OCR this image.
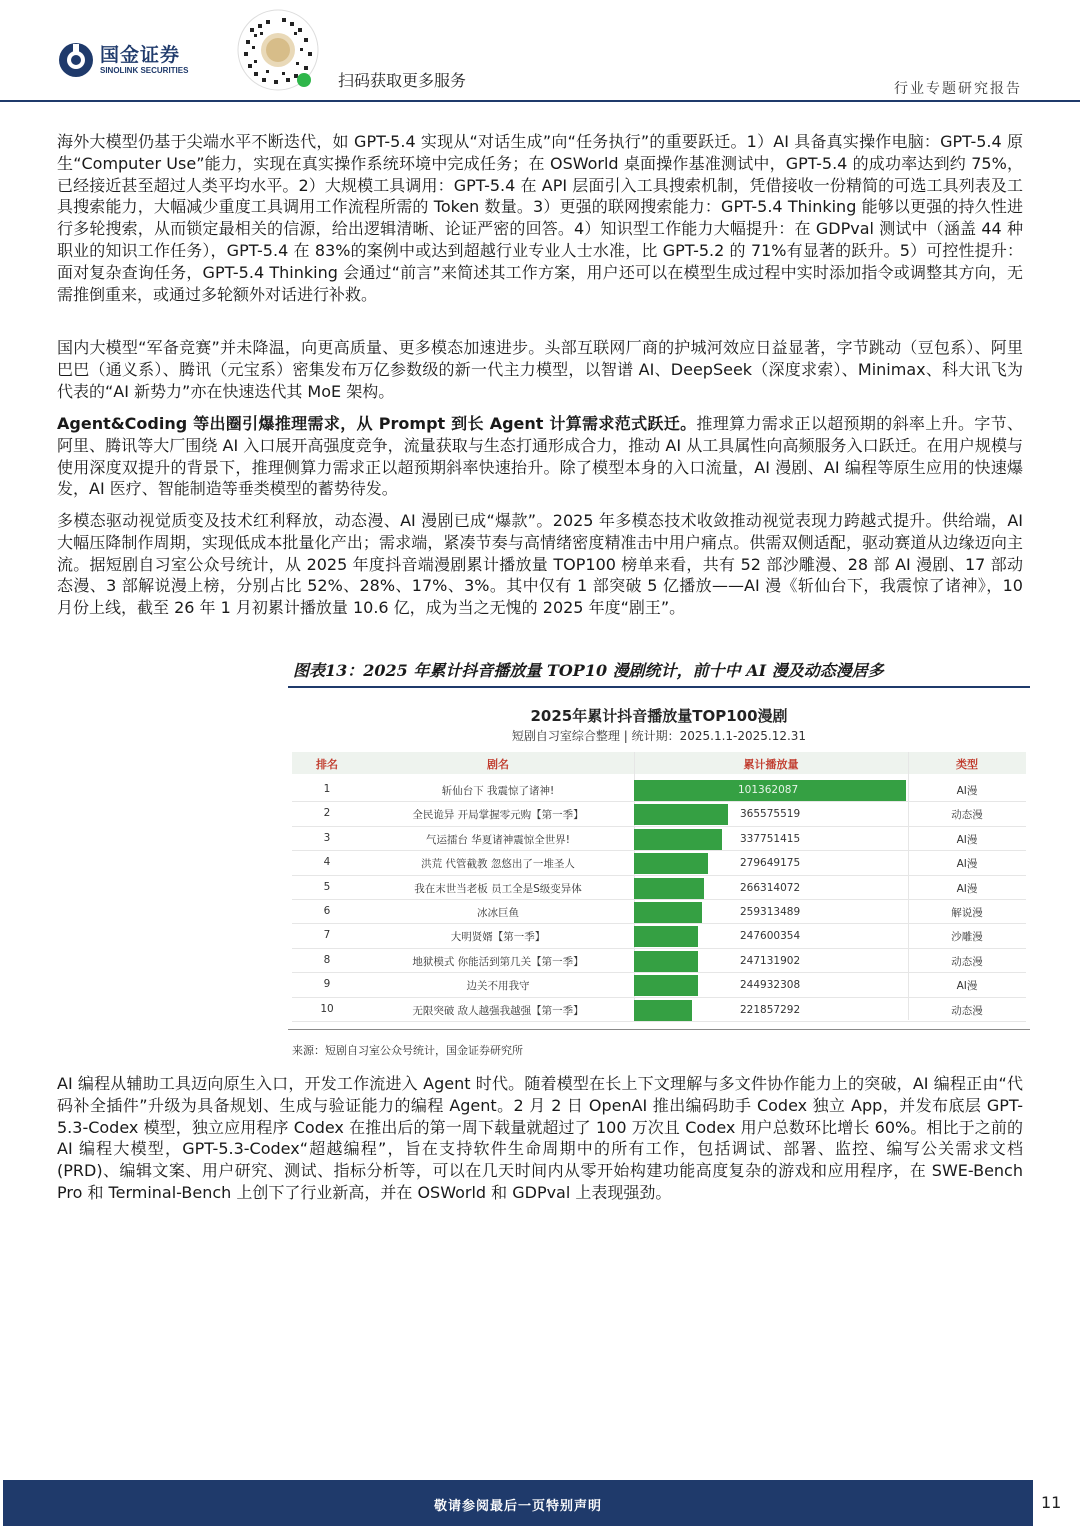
国金证券
SINOLINK SECURITIES
扫码获取更多服务	行业专题研究报告

海外大模型仍基于尖端水平不断迭代，如 GPT-5.4 实现从“对话生成”向“任务执行”的重要跃迁。1）AI 具备真实操作电脑：GPT-5.4 原生“Computer Use”能力，实现在真实操作系统环境中完成任务；在 OSWorld 桌面操作基准测试中，GPT-5.4 的成功率达到约 75%，已经接近甚至超过人类平均水平。2）大规模工具调用：GPT-5.4 在 API 层面引入工具搜索机制，凭借接收一份精简的可选工具列表及工具搜索能力，大幅减少重度工具调用工作流程所需的 Token 数量。3）更强的联网搜索能力：GPT-5.4 Thinking 能够以更强的持久性进行多轮搜索，从而锁定最相关的信源，给出逻辑清晰、论证严密的回答。4）知识型工作能力大幅提升：在 GDPval 测试中（涵盖 44 种职业的知识工作任务），GPT-5.4 在 83%的案例中或达到超越行业专业人士水准，比 GPT-5.2 的 71%有显著的跃升。5）可控性提升：面对复杂查询任务，GPT-5.4 Thinking 会通过“前言”来简述其工作方案，用户还可以在模型生成过程中实时添加指令或调整其方向，无需推倒重来，或通过多轮额外对话进行补救。

国内大模型“军备竞赛”并未降温，向更高质量、更多模态加速进步。头部互联网厂商的护城河效应日益显著，字节跳动（豆包系）、阿里巴巴（通义系）、腾讯（元宝系）密集发布万亿参数级的新一代主力模型，以智谱 AI、DeepSeek（深度求索）、Minimax、科大讯飞为代表的“AI 新势力”亦在快速迭代其 MoE 架构。

Agent&Coding 等出圈引爆推理需求，从 Prompt 到长 Agent 计算需求范式跃迁。推理算力需求正以超预期的斜率上升。字节、阿里、腾讯等大厂围绕 AI 入口展开高强度竞争，流量获取与生态打通形成合力，推动 AI 从工具属性向高频服务入口跃迁。在用户规模与使用深度双提升的背景下，推理侧算力需求正以超预期斜率快速抬升。除了模型本身的入口流量，AI 漫剧、AI 编程等原生应用的快速爆发，AI 医疗、智能制造等垂类模型的蓄势待发。

多模态驱动视觉质变及技术红利释放，动态漫、AI 漫剧已成“爆款”。2025 年多模态技术收敛推动视觉表现力跨越式提升。供给端，AI 大幅压降制作周期，实现低成本批量化产出；需求端，紧凑节奏与高情绪密度精准击中用户痛点。供需双侧适配，驱动赛道从边缘迈向主流。据短剧自习室公众号统计，从 2025 年度抖音端漫剧累计播放量 TOP100 榜单来看，共有 52 部沙雕漫、28 部 AI 漫剧、17 部动态漫、3 部解说漫上榜，分别占比 52%、28%、17%、3%。其中仅有 1 部突破 5 亿播放——AI 漫《斩仙台下，我震惊了诸神》，10 月份上线，截至 26 年 1 月初累计播放量 10.6 亿，成为当之无愧的 2025 年度“剧王”。

图表13：2025 年累计抖音播放量 TOP10 漫剧统计，前十中 AI 漫及动态漫居多
2025年累计抖音播放量TOP100漫剧
短剧自习室综合整理 | 统计期：2025.1.1-2025.12.31
排名	剧名	累计播放量	类型
1	斩仙台下 我震惊了诸神!	101362087	AI漫
2	全民诡异 开局掌握零元购【第一季】	365575519	动态漫
3	气运擂台 华夏诸神震惊全世界!	337751415	AI漫
4	洪荒 代管截教 忽悠出了一堆圣人	279649175	AI漫
5	我在末世当老板 员工全是S级变异体	266314072	AI漫
6	冰冰巨鱼	259313489	解说漫
7	大明贤婿【第一季】	247600354	沙雕漫
8	地狱模式 你能活到第几关【第一季】	247131902	动态漫
9	边关不用我守	244932308	AI漫
10	无限突破 敌人越强我越强【第一季】	221857292	动态漫
来源：短剧自习室公众号统计，国金证券研究所

AI 编程从辅助工具迈向原生入口，开发工作流进入 Agent 时代。随着模型在长上下文理解与多文件协作能力上的突破，AI 编程正由“代码补全插件”升级为具备规划、生成与验证能力的编程 Agent。2 月 2 日 OpenAI 推出编码助手 Codex 独立 App，并发布底层 GPT-5.3-Codex 模型，独立应用程序 Codex 在推出后的第一周下载量就超过了 100 万次且 Codex 用户总数环比增长 60%。相比于之前的 AI 编程大模型，GPT-5.3-Codex“超越编程”，旨在支持软件生命周期中的所有工作，包括调试、部署、监控、编写公关需求文档(PRD)、编辑文案、用户研究、测试、指标分析等，可以在几天时间内从零开始构建功能高度复杂的游戏和应用程序，在 SWE-Bench Pro 和 Terminal-Bench 上创下了行业新高，并在 OSWorld 和 GDPval 上表现强劲。

敬请参阅最后一页特别声明	11
